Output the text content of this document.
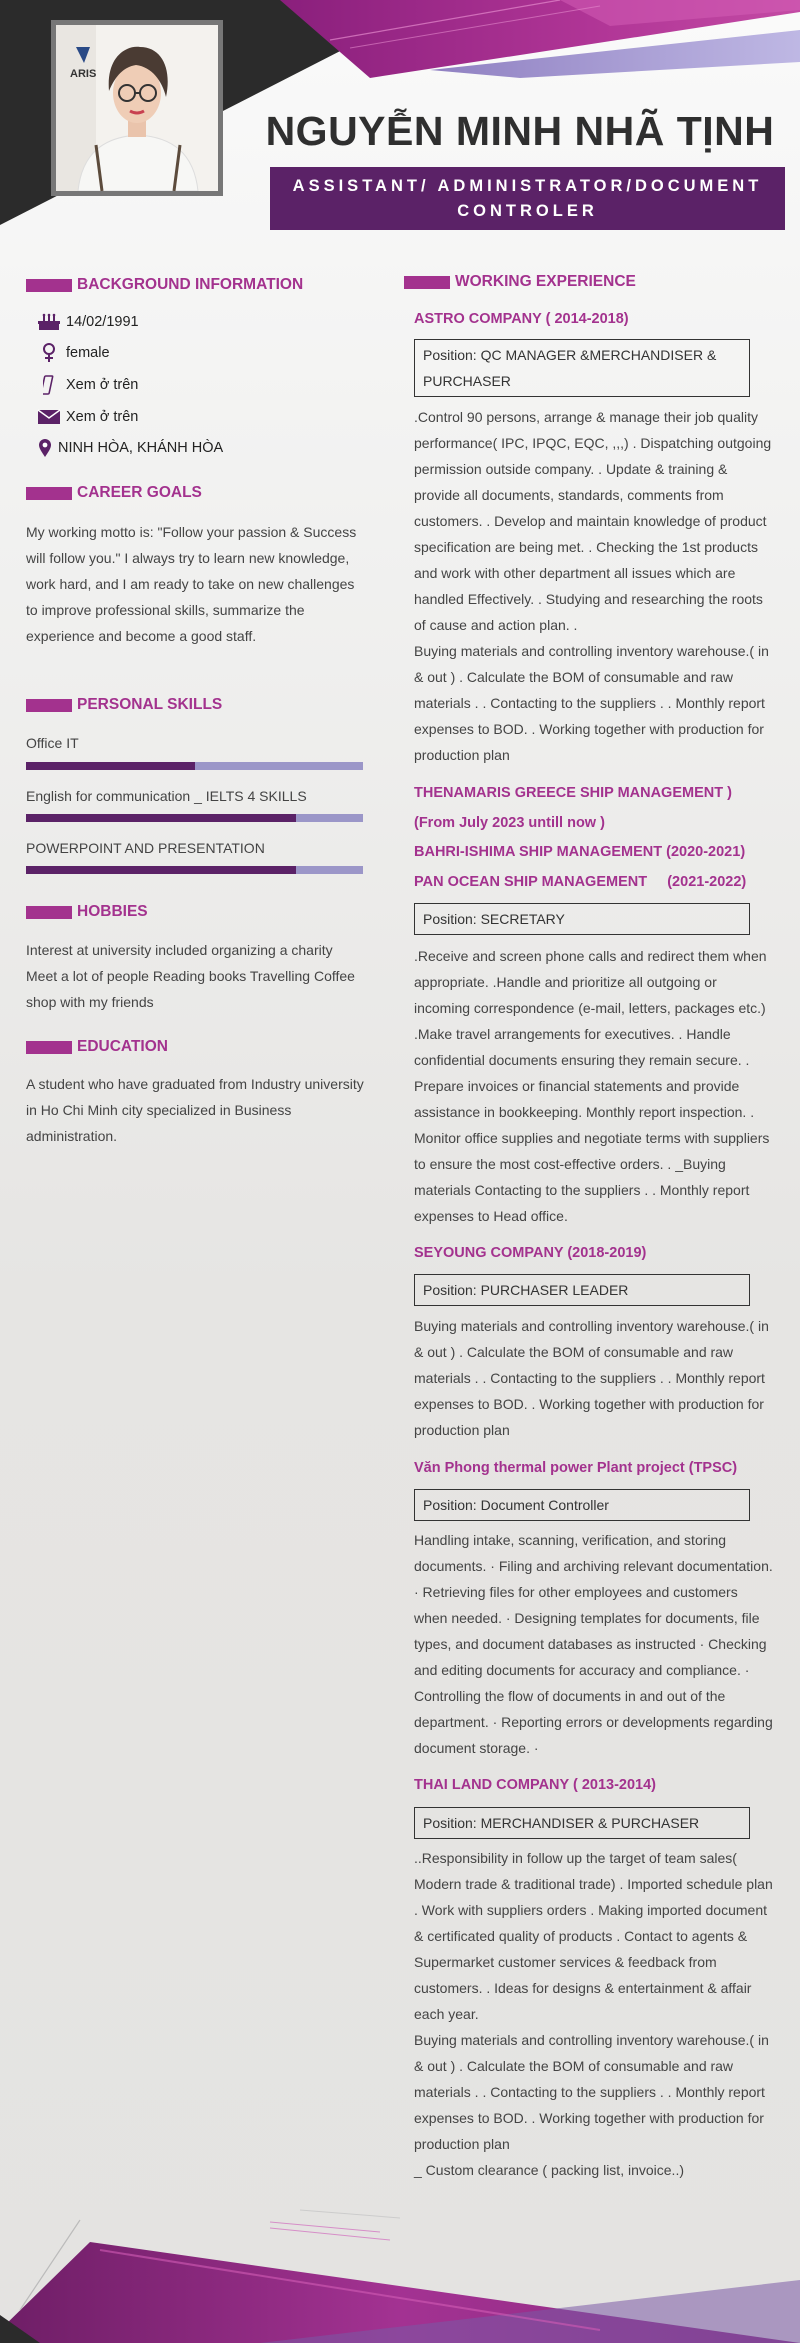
ARIS
NGUYỄN MINH NHÃ TỊNH
ASSISTANT/ ADMINISTRATOR/DOCUMENT CONTROLER
BACKGROUND INFORMATION
14/02/1991
female
Xem ở trên
Xem ở trên
NINH HÒA, KHÁNH HÒA
CAREER GOALS
My working motto is: "Follow your passion & Success will follow you." I always try to learn new knowledge, work hard, and I am ready to take on new challenges to improve professional skills, summarize the experience and become a good staff.
PERSONAL SKILLS
Office IT
English for communication _ IELTS 4 SKILLS
POWERPOINT AND PRESENTATION
HOBBIES
Interest at university included organizing a charity Meet a lot of people Reading books Travelling Coffee shop with my friends
EDUCATION
A student who have graduated from Industry university in Ho Chi Minh city specialized in Business administration.
WORKING EXPERIENCE
ASTRO COMPANY ( 2014-2018)
Position: QC MANAGER &MERCHANDISER & PURCHASER
.Control 90 persons, arrange & manage their job quality performance( IPC, IPQC, EQC, ,,,) . Dispatching outgoing permission outside company. . Update & training & provide all documents, standards, comments from customers. . Develop and maintain knowledge of product specification are being met. . Checking the 1st products and work with other department all issues which are handled Effectively. . Studying and researching the roots of cause and action plan. .
Buying materials and controlling inventory warehouse.( in & out ) . Calculate the BOM of consumable and raw materials . . Contacting to the suppliers . . Monthly report expenses to BOD. . Working together with production for production plan
THENAMARIS GREECE SHIP MANAGEMENT ) (From July 2023 untill now )
BAHRI-ISHIMA SHIP MANAGEMENT (2020-2021)
PAN OCEAN SHIP MANAGEMENT     (2021-2022)
Position: SECRETARY
.Receive and screen phone calls and redirect them when appropriate. .Handle and prioritize all outgoing or incoming correspondence (e-mail, letters, packages etc.) .Make travel arrangements for executives. . Handle confidential documents ensuring they remain secure. . Prepare invoices or financial statements and provide assistance in bookkeeping. Monthly report inspection. . Monitor office supplies and negotiate terms with suppliers to ensure the most cost-effective orders. . _Buying materials Contacting to the suppliers . . Monthly report expenses to Head office.
SEYOUNG COMPANY (2018-2019)
Position: PURCHASER LEADER
Buying materials and controlling inventory warehouse.( in & out ) . Calculate the BOM of consumable and raw materials . . Contacting to the suppliers . . Monthly report expenses to BOD. . Working together with production for production plan
Văn Phong thermal power Plant project (TPSC)
Position: Document Controller
Handling intake, scanning, verification, and storing documents. · Filing and archiving relevant documentation. · Retrieving files for other employees and customers when needed. · Designing templates for documents, file types, and document databases as instructed · Checking and editing documents for accuracy and compliance. · Controlling the flow of documents in and out of the department. · Reporting errors or developments regarding document storage. ·
THAI LAND COMPANY ( 2013-2014)
Position: MERCHANDISER & PURCHASER
..Responsibility in follow up the target of team sales( Modern trade & traditional trade) . Imported schedule plan . Work with suppliers orders . Making imported document & certificated quality of products . Contact to agents & Supermarket customer services & feedback from customers. . Ideas for designs & entertainment & affair each year.
Buying materials and controlling inventory warehouse.( in & out ) . Calculate the BOM of consumable and raw materials . . Contacting to the suppliers . . Monthly report expenses to BOD. . Working together with production for production plan
_ Custom clearance ( packing list, invoice..)
